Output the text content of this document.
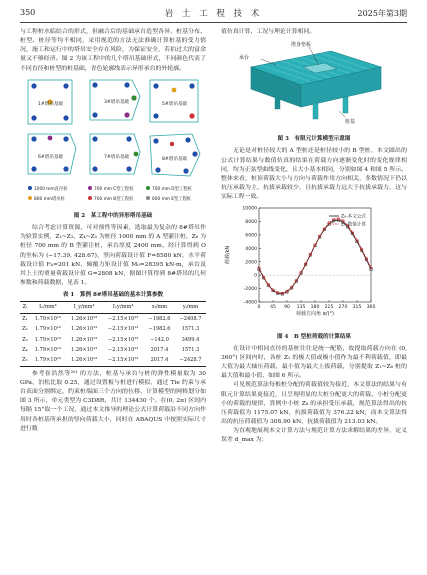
350	岩 土 工 程 技 术	2025年第3期

与工程桩水临结合的形式，但融合后的基础承台造型各异，桩基分布、桩型、桩径等均不相同，采用规范的方法无法准确计算桩基的受力情况，施工和运行中的塔吊安全存在风险，为保证安全，若拍过大的富余量又不够经济。图 2 为该工程中的几个塔吊基础形式，不同颜色代表了不同直径和桩型的桩基础，青色轮廓线表示异形承台的外轮廓。

1#塔吊基础	3#塔吊基础	5#塔吊基础
6#塔吊基础	7#塔吊基础	8#塔吊基础
1000 mm直径桩	700 mm C型工程桩	700 mm D型工程桩
800 mm塔吊桩	700 mm B型工程桩	600 mm E型工程桩
图 2　某工程中的异形塔吊基础

综合考虑计算资源，可对预性等因素，选取最为复杂的 8#塔吊作为验算实例，Z₁~Z₃、Z₄~Z₅ 为桩径 1000 mm 的 A 型灌注桩，Z₆ 为桩径 700 mm 的 B 型灌注桩，承台厚度 2400 mm，经计算得到 O 的坐标为 (−17.39, 428.67)，竖向荷载设计值 F=8580 kN，水平荷载设计值 Fₕ=201 kN，倾覆力矩设计值 M₀=28395 kN·m，承台及其上土的重量荷载设计值 G=2808 kN，据图计算得到 8#塔吊的几何参数和荷载数据，见表 1。

表 1　算例 8#塔吊基础的基本计算参数
Zᵢ	Iₓ/mm⁴	I_y/mm⁴	Iₓy/mm⁴	xᵢ/mm	yᵢ/mm
Z₁	1.79×10¹³	1.26×10¹³	−2.15×10¹²	−1982.6	−2408.7
Z₂	1.79×10¹³	1.26×10¹³	−2.15×10¹²	−1982.6	1571.3
Z₃	1.79×10¹³	1.26×10¹³	−2.15×10¹²	−142.0	3499.4
Z₄	1.79×10¹³	1.26×10¹³	−2.15×10¹²	2017.4	1571.3
Z₅	1.79×10¹³	1.26×10¹³	−2.15×10¹²	2017.4	−2428.7

参考崔浩然等²⁰¹ 的方法，桩基与承台与桩的弹性模量取为 30 GPa，泊松比取 0.25，通过设置板与桩进行模拟，通过 Tie 约束与承台表面分割绑定，约束桩端面三个方向的位移，计算模型的网格划分如图 3 所示，单元类型为 C3D8R，共计 134430 个。在(0, 2π) 区间内每隔 15°取一个工况，通过本文推导的理论公式计算荷载沿不同方向作用时各桩基所承担的竖向荷载大小，同时在 ABAQUS 中按照实际尺寸进行数

值仿真计算，工况与理论计算相同。

承台
塔身垫板
桩基
图 3　有限元计算模型示意图

无论是对桩径较大的 A 型桩还是桩径较小的 B 型桩，本文圆出的公式计算结果与数值仿真的结果在荷载方向逐渐变化时的变化规律相同，均为正弦型曲线变化，且大小基本相同，分别如图 4 和图 5 所示。整体来看，桩顶荷载大小与方向与荷载作用方向相关，多数情况下仍以抗压承载为主，抗拔承载较少，且抗拔承载力远大于抗拔承载力，这与实际工程一致。

-4000
-2000
0
2000
4000
6000
8000
10000
0 45 90 135 180 225 270 315 360
荷载方向角 α/(°)
荷载/kN
Z₆-本文公式
Z₆-数值计算
图 4　B 型桩荷载的计算结果

在设计中相同直径的基桩往往是统一配筋，故提取荷载方向在 (0, 360°) 区间内时，各桩 Z₁ 的极大值或极小值作为最不利荷载值，即最大值为最大轴压荷载，最小值为最大上拔荷载，分别提取 Z₁~Z₆ 桩的最大值和最小值，如图 6 所示。

可见规范算法每根桩分配的荷载值较为接近，本文算法的结果与有限元计算结果更接近，且呈现明显的大桩分配更大的荷载、小桩分配更小的荷载的规律，算例中小桩 Z₆ 的承担受压承载，规范算法得出的抗压荷载值为 1175.07 kN，抗拔荷载值为 376.22 kN，而本文算法得出的抗压荷载值为 308.90 kN，抗拔荷载值为 213.03 kN。

为直观地展现本文计算方法与规范计算方法求解结果的差异，定义误差 d_max 为：
